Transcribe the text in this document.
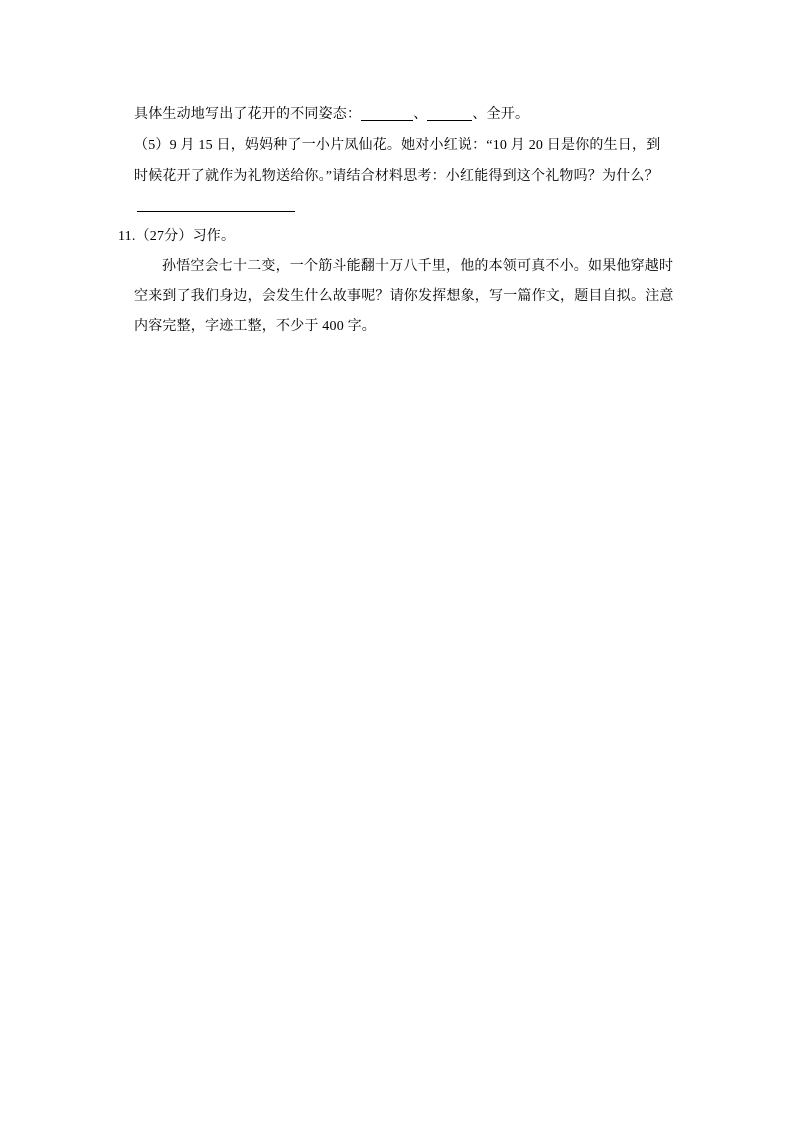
具体生动地写出了花开的不同姿态：	、	、全开。
（5）9 月 15 日，妈妈种了一小片凤仙花。她对小红说：“10 月 20 日是你的生日，到
时候花开了就作为礼物送给你。”请结合材料思考：小红能得到这个礼物吗？为什么？
11.（27分）习作。
孙悟空会七十二变，一个筋斗能翻十万八千里，他的本领可真不小。如果他穿越时
空来到了我们身边，会发生什么故事呢？请你发挥想象，写一篇作文，题目自拟。注意
内容完整，字迹工整，不少于 400 字。
